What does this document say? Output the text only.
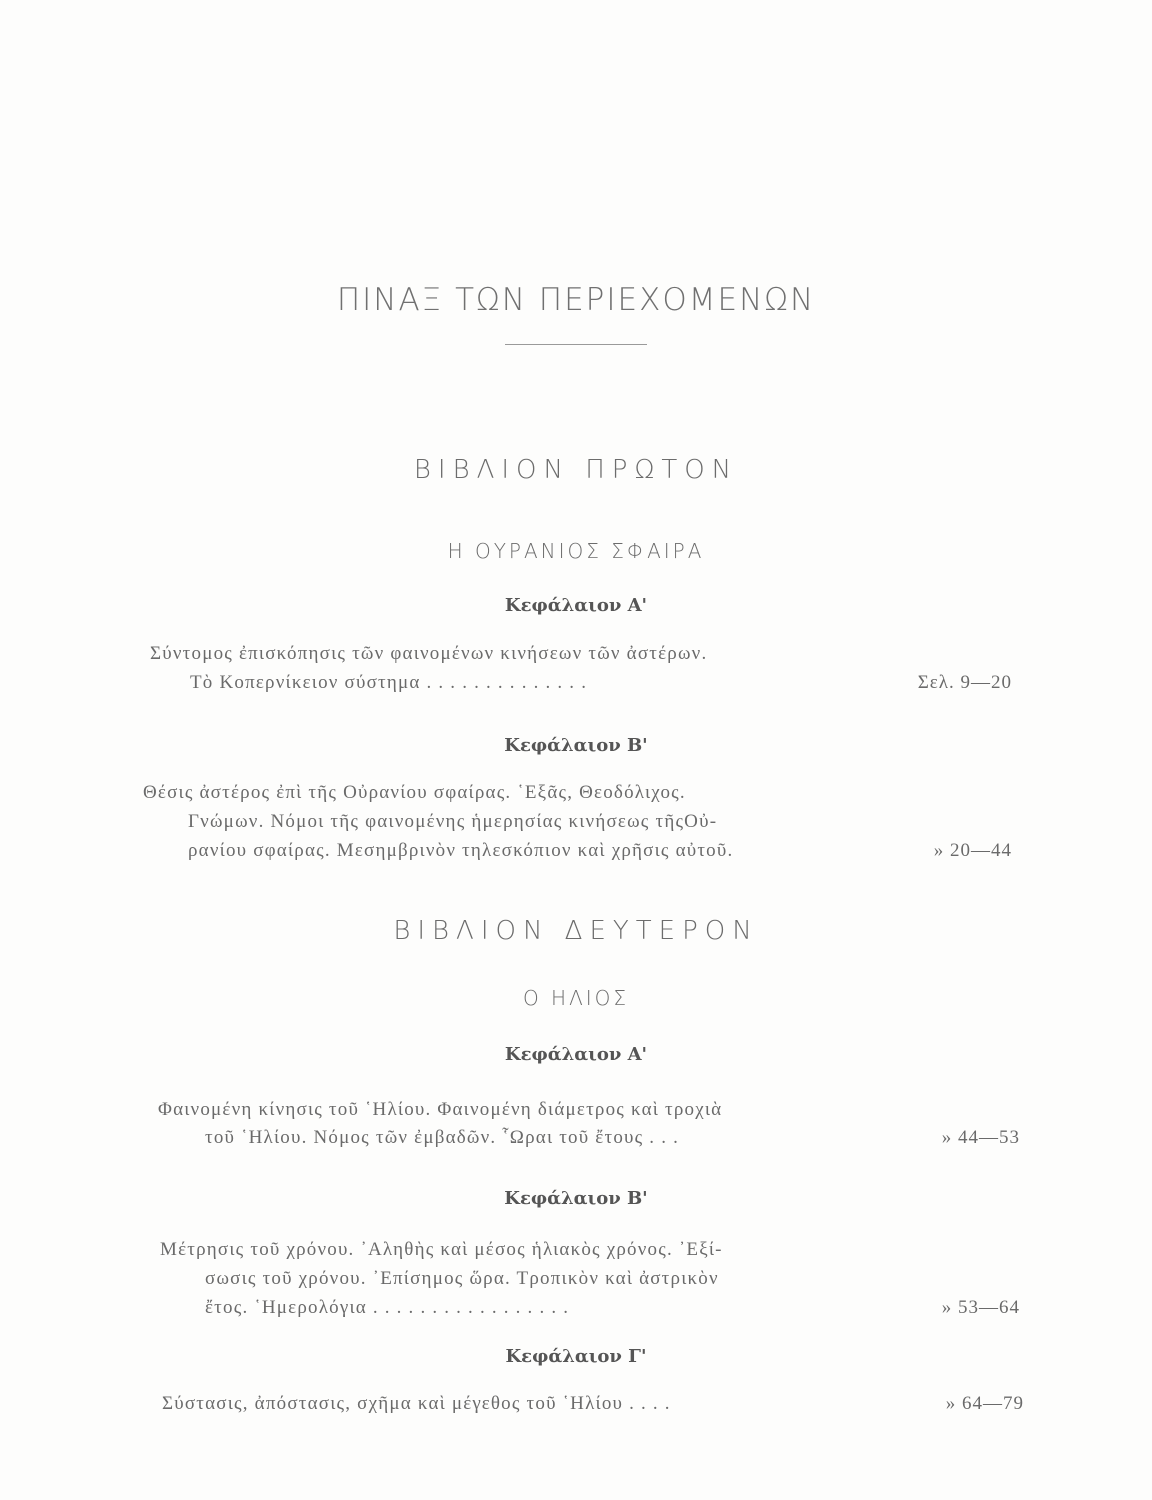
ΠΙΝΑΞ ΤΩΝ ΠΕΡΙΕΧΟΜΕΝΩΝ
ΒΙΒΛΙΟΝ ΠΡΩΤΟΝ
Η ΟΥΡΑΝΙΟΣ ΣΦΑΙΡΑ
Κεφάλαιον Α'
Σύντομος ἐπισκόπησις τῶν φαινομένων κινήσεων τῶν ἀστέρων.
Τὸ Κοπερνίκειον σύστημα . . . . . . . . . . . . . .	Σελ. 9—20
Κεφάλαιον Β'
Θέσις ἀστέρος ἐπὶ τῆς Οὐρανίου σφαίρας. ῾Εξᾶς, Θεοδόλιχος.
Γνώμων. Νόμοι τῆς φαινομένης ἡμερησίας κινήσεως τῆςΟὐ-
ρανίου σφαίρας. Μεσημβρινὸν τηλεσκόπιον καὶ χρῆσις αὐτοῦ.	» 20—44
ΒΙΒΛΙΟΝ ΔΕΥΤΕΡΟΝ
Ο ΗΛΙΟΣ
Κεφάλαιον Α'
Φαινομένη κίνησις τοῦ ῾Ηλίου. Φαινομένη διάμετρος καὶ τροχιὰ
τοῦ ῾Ηλίου. Νόμος τῶν ἐμβαδῶν. ῟Ωραι τοῦ ἔτους . . .	» 44—53
Κεφάλαιον Β'
Μέτρησις τοῦ χρόνου. ᾿Αληθὴς καὶ μέσος ἡλιακὸς χρόνος. ᾿Εξί-
σωσις τοῦ χρόνου. ᾿Επίσημος ὥρα. Τροπικὸν καὶ ἀστρικὸν
ἔτος. ῾Ημερολόγια . . . . . . . . . . . . . . . . .	» 53—64
Κεφάλαιον Γ'
Σύστασις, ἀπόστασις, σχῆμα καὶ μέγεθος τοῦ ῾Ηλίου . . . .	» 64—79
